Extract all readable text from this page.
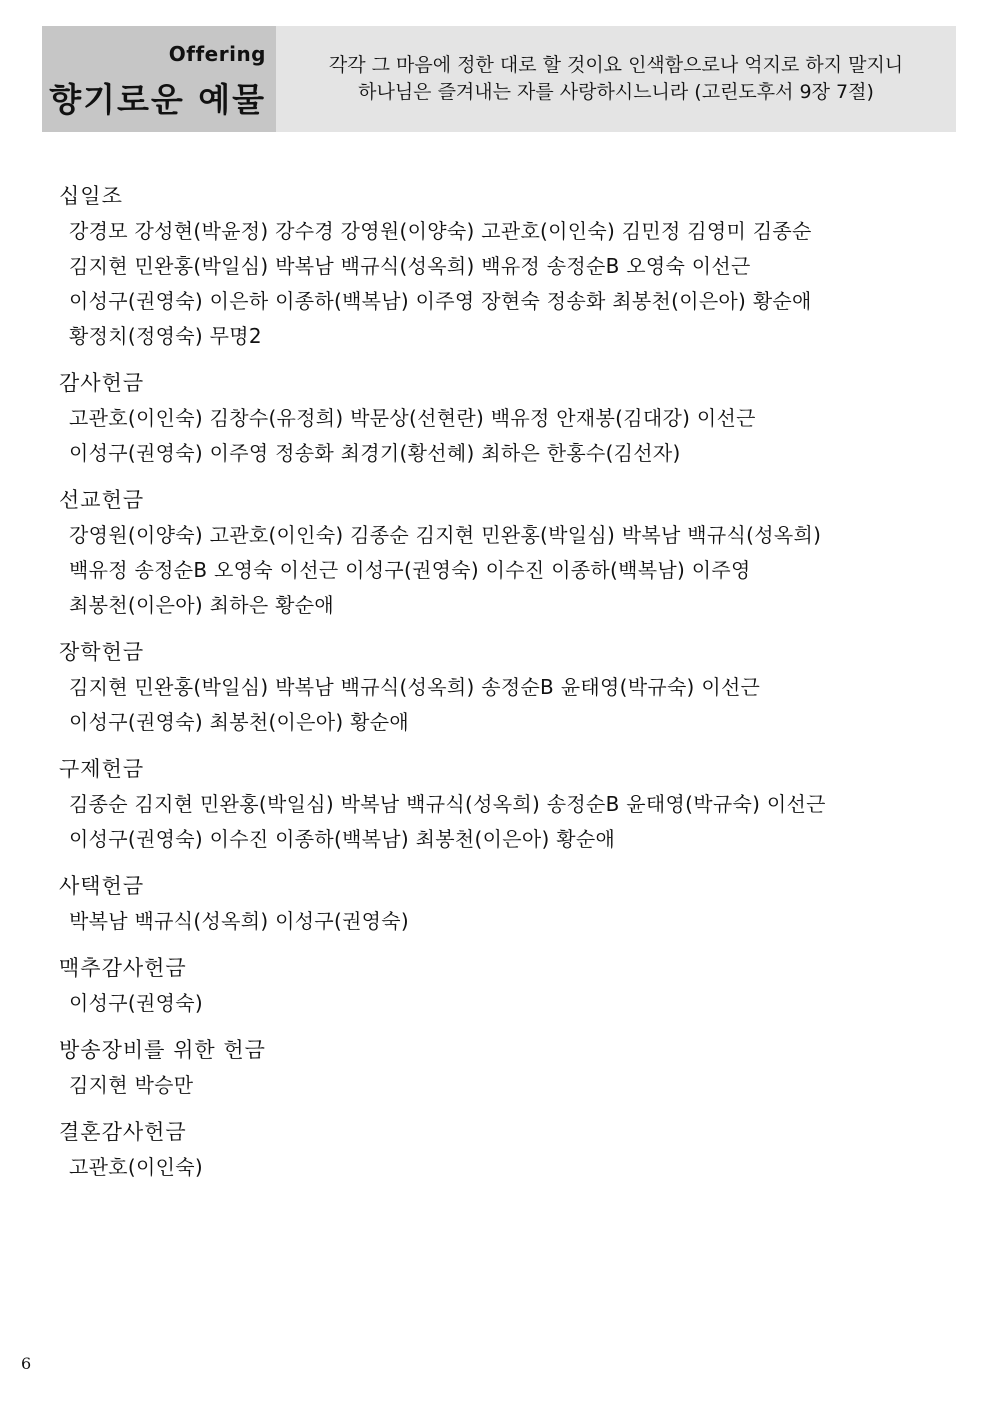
Offering
향기로운 예물
각각 그 마음에 정한 대로 할 것이요 인색함으로나 억지로 하지 말지니
하나님은 즐겨내는 자를 사랑하시느니라 (고린도후서 9장 7절)
십일조
강경모 강성현(박윤정) 강수경 강영원(이양숙) 고관호(이인숙) 김민정 김영미 김종순
김지현 민완홍(박일심) 박복남 백규식(성옥희) 백유정 송정순B 오영숙 이선근
이성구(권영숙) 이은하 이종하(백복남) 이주영 장현숙 정송화 최봉천(이은아) 황순애
황정치(정영숙) 무명2
감사헌금
고관호(이인숙) 김창수(유정희) 박문상(선현란) 백유정 안재봉(김대강) 이선근
이성구(권영숙) 이주영 정송화 최경기(황선혜) 최하은 한홍수(김선자)
선교헌금
강영원(이양숙) 고관호(이인숙) 김종순 김지현 민완홍(박일심) 박복남 백규식(성옥희)
백유정 송정순B 오영숙 이선근 이성구(권영숙) 이수진 이종하(백복남) 이주영
최봉천(이은아) 최하은 황순애
장학헌금
김지현 민완홍(박일심) 박복남 백규식(성옥희) 송정순B 윤태영(박규숙) 이선근
이성구(권영숙) 최봉천(이은아) 황순애
구제헌금
김종순 김지현 민완홍(박일심) 박복남 백규식(성옥희) 송정순B 윤태영(박규숙) 이선근
이성구(권영숙) 이수진 이종하(백복남) 최봉천(이은아) 황순애
사택헌금
박복남 백규식(성옥희) 이성구(권영숙)
맥추감사헌금
이성구(권영숙)
방송장비를 위한 헌금
김지현 박승만
결혼감사헌금
고관호(이인숙)
6
